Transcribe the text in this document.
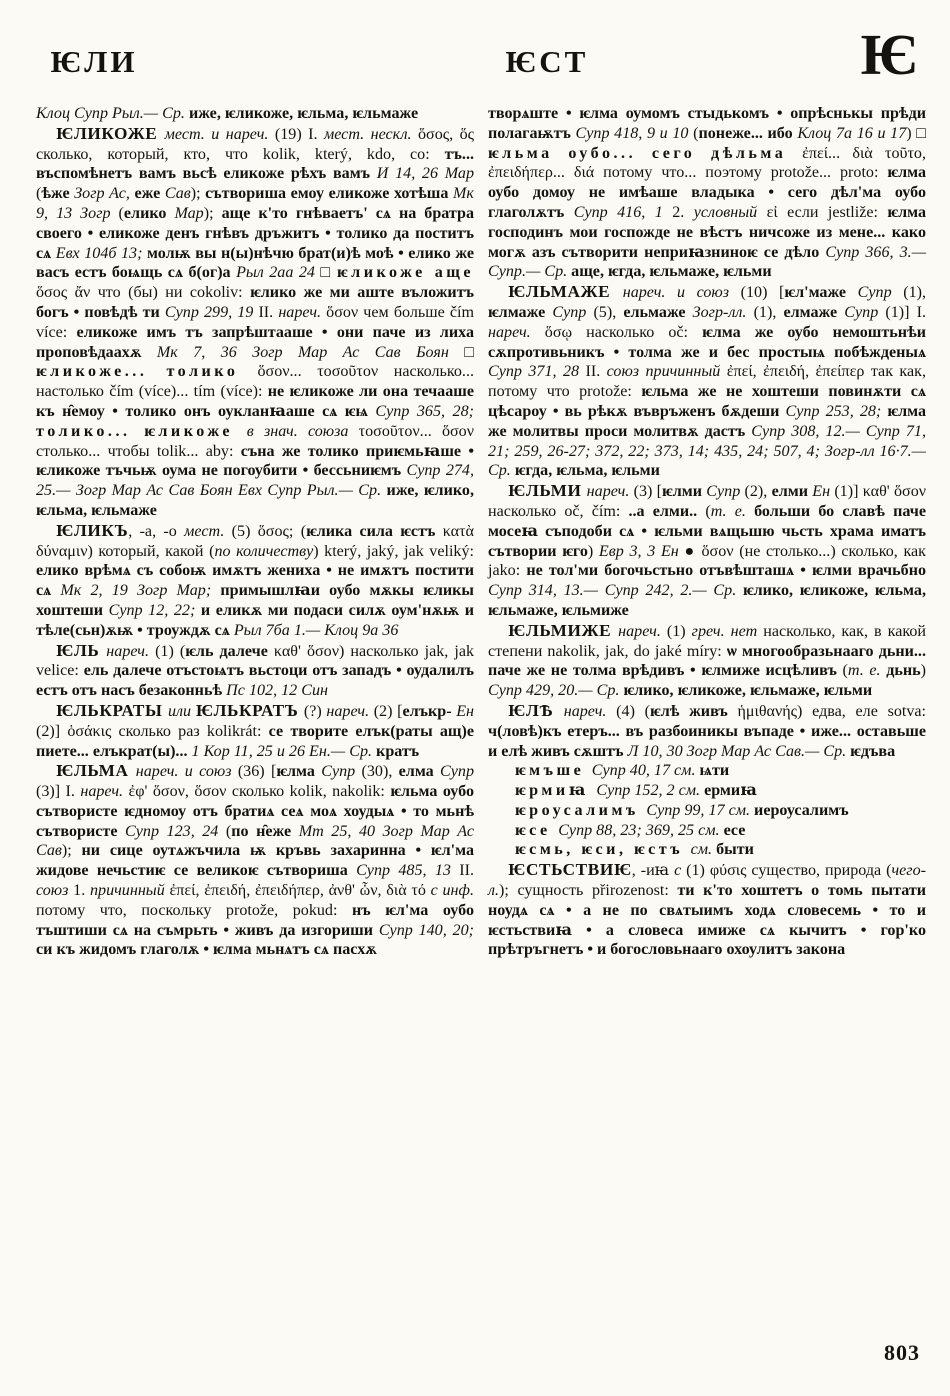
ѤЛИ	ѤСТ	Ѥ

Клоц Супр Рыл.— Ср. иже, ѥликоже, ѥльма, ѥльмаже

ѤЛИКОЖЕ мест. и нареч. (19) I. мест. нескл. ὅσος, ὅς сколько, который, кто, что kolik, který, kdo, co: тъ... въспомѣнетъ вамъ вьсѣ еликоже рѣхъ вамъ И 14, 26 Мар (ѣже Зогр Ас, еже Сав); сътвориша емоу еликоже хотѣша Мк 9, 13 Зогр (елико Мар); аще к'то гнѣваетъ' сѧ на братра своего • еликоже денъ гнѣвъ дръжитъ • толико да поститъ сѧ Евх 104б 13; молѭ вы н(ы)нѣчю брат(и)ѣ моѣ • елико же васъ естъ боѩщь сѧ б(ог)а Рыл 2аа 24 □ ѥликоже аще ὅσος ἄν что (бы) ни cokoliv: ѥлико же ми аште въложитъ богъ • повѣдѣ ти Супр 299, 19 II. нареч. ὅσον чем больше čím více: еликоже имъ тъ запрѣштааше • они паче из лиха проповѣдаахѫ Мк 7, 36 Зогр Мар Ас Сав Боян □ ѥликоже... толико ὅσον... τοσοῦτον насколько... настолько čím (více)... tím (více): не ѥликоже ли она течааше къ н̑емоу • толико онъ оукланꙗаше сѧ ѥѩ Супр 365, 28; толико... ѥликоже в знач. союза τοσοῦτον... ὅσον столько... чтобы tolik... aby: съна же толико приѥмьꙗше • ѥликоже тъчьѭ оума не погоубити • бессьниѥмъ Супр 274, 25.— Зогр Мар Ас Сав Боян Евх Супр Рыл.— Ср. иже, ѥлико, ѥльма, ѥльмаже

ѤЛИКЪ, -а, -о мест. (5) ὅσος; (ѥлика сила ѥстъ κατὰ δύναμιν) который, какой (по количеству) který, jaký, jak veliký: елико врѣмѧ съ собоѭ имѫтъ жениха • не имѫтъ постити сѧ Мк 2, 19 Зогр Мар; примышлꙗи оубо мѫкы ѥликы хоштеши Супр 12, 22; и еликѫ ми подаси силѫ оум'нѫѭ и тѣле(сьн)ѫѭ • троуждѫ сѧ Рыл 7ба 1.— Клоц 9а 36

ѤЛЬ нареч. (1) (ѥль далече καθ' ὅσον) насколько jak, jak velice: ель далече отъстоѩтъ вьстоци отъ западъ • оудалилъ естъ отъ насъ безаконньѣ Пс 102, 12 Син

ѤЛЬКРАТЫ или ѤЛЬКРАТЪ (?) нареч. (2) [елъкр- Ен (2)] ὁσάκις сколько раз kolikrát: се творите елък(раты ащ)е пиете... елъкрат(ы)... 1 Кор 11, 25 и 26 Ен.— Ср. кратъ

ѤЛЬМА нареч. и союз (36) [ѥлма Супр (30), елма Супр (3)] I. нареч. ἐφ' ὅσον, ὅσον сколько kolik, nakolik: ѥльма оубо сътвористе ѥдномоу отъ братиѧ сеѧ моѧ хоудыѧ • то мьнѣ сътвористе Супр 123, 24 (по н̑еже Мт 25, 40 Зогр Мар Ас Сав); ни сице оутѧжъчила ѭ кръвь захаринна • ѥл'ма жидове нечьстиѥ се великоѥ сътвориша Супр 485, 13 II. союз 1. причинный ἐπεί, ἐπειδή, ἐπειδήπερ, ἀνθ' ὧν, διὰ τό с инф. потому что, поскольку protože, pokud: нъ ѥл'ма оубо тъштиши сѧ на съмрьть • живъ да изгориши Супр 140, 20; си къ жидомъ глаголѫ • ѥлма мьнѧтъ сѧ пасхѫ

творѧште • ѥлма оумомъ стыдькомъ • опрѣснькы прѣди полагаѭтъ Супр 418, 9 и 10 (понеже... ибо Клоц 7а 16 и 17) □ ѥльма оубо... сего дѣльма ἐπεί... διὰ τοῦτο, ἐπειδήπερ... διά потому что... поэтому protože... proto: ѥлма оубо домоу не имѣаше владыка • сего дѣл'ма оубо глаголѫтъ Супр 416, 1 2. условный εἰ если jestliže: ѥлма господинъ мои госпожде не вѣстъ ничсоже из мене... како могѫ азъ сътворити неприꙗзниноѥ се дѣло Супр 366, 3.— Супр.— Ср. аще, ѥгда, ѥльмаже, ѥльми

ѤЛЬМАЖЕ нареч. и союз (10) [ѥл'маже Супр (1), ѥлмаже Супр (5), ельмаже Зогр-лл. (1), елмаже Супр (1)] I. нареч. ὅσῳ насколько oč: ѥлма же оубо немоштьнѣи сѫпротивьникъ • толма же и бес простыѩ побѣжденыѧ Супр 371, 28 II. союз причинный ἐπεί, ἐπειδή, ἐπείπερ так как, потому что protože: ѥльма же не хоштеши повинѫти сѧ цѣсароу • вь рѣкѫ въвръженъ бѫдеши Супр 253, 28; ѥлма же молитвы проси молитвѫ дастъ Супр 308, 12.— Супр 71, 21; 259, 26-27; 372, 22; 373, 14; 435, 24; 507, 4; Зогр-лл 16·7.— Ср. ѥгда, ѥльма, ѥльми

ѤЛЬМИ нареч. (3) [ѥлми Супр (2), елми Ен (1)] καθ' ὅσον насколько oč, čím: ..а елми.. (т. е. больши бо славѣ паче мосеꙗ съподоби сѧ • ѥльми вѧщьшю чьсть храма иматъ сътвории ѥго) Евр 3, 3 Ен ● ὅσον (не столько...) сколько, как jako: не тол'ми богочьстьно отъвѣшташѧ • ѥлми врачьбно Супр 314, 13.— Супр 242, 2.— Ср. ѥлико, ѥликоже, ѥльма, ѥльмаже, ѥльмиже

ѤЛЬМИЖЕ нареч. (1) греч. нет насколько, как, в какой степени nakolik, jak, do jaké míry: ѡ многообразьнааго дьни... паче же не толма врѣдивъ • ѥлмиже исцѣливъ (т. е. дьнь) Супр 429, 20.— Ср. ѥлико, ѥликоже, ѥльмаже, ѥльми

ѤЛѢ нареч. (4) (ѥлѣ живъ ἡμιθανής) едва, еле sotva: ч(ловѣ)къ етеръ... въ разбоиникы въпаде • иже... оставьше и елѣ живъ сѫштъ Л 10, 30 Зогр Мар Ас Сав.— Ср. ѥдъва

ѥмъше Супр 40, 17 см. ѩти

ѥрмиꙗ Супр 152, 2 см. ермиꙗ

ѥроусалимъ Супр 99, 17 см. иероусалимъ

ѥсе Супр 88, 23; 369, 25 см. есе

ѥсмь, ѥси, ѥстъ см. быти

ѤСТЬСТВИѤ, -иꙗ с (1) φύσις существо, природа (чего-л.); сущность přirozenost: ти к'то хоштетъ о томь пытати ноудѧ сѧ • а не по свѧтыимъ ходѧ словесемь • то и ѥстьствиꙗ • а словеса имиже сѧ кычитъ • гор'ко прѣтръгнетъ • и богословьнааго охоулитъ закона

803
